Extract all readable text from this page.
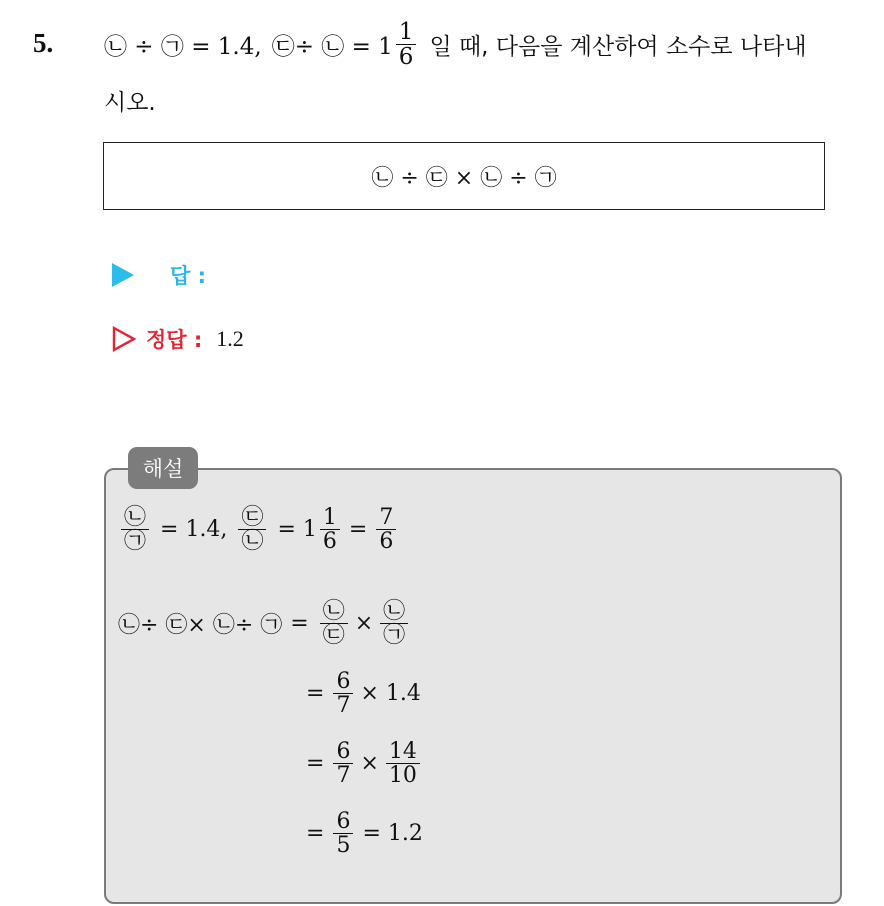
5. ㉡ ÷ ㉠ = 1.4, ㉢÷ ㉡ = $1 \frac{1}{6}$ 일 때, 다음을 계산하여 소수로 나타내
시오.
㉡ ÷ ㉢ × ㉡ ÷ ㉠
답 :
정답 : 1.2
해설
$\frac{㉡}{㉠} = 1.4$, $\frac{㉢}{㉡} = 1 \frac{1}{6} = \frac{7}{6}$
㉡÷ ㉢× ㉡÷ ㉠ = $\frac{㉡}{㉢} \times \frac{㉡}{㉠}$
= $\frac{6}{7} \times 1.4$
= $\frac{6}{7} \times \frac{14}{10}$
= $\frac{6}{5} = 1.2$
